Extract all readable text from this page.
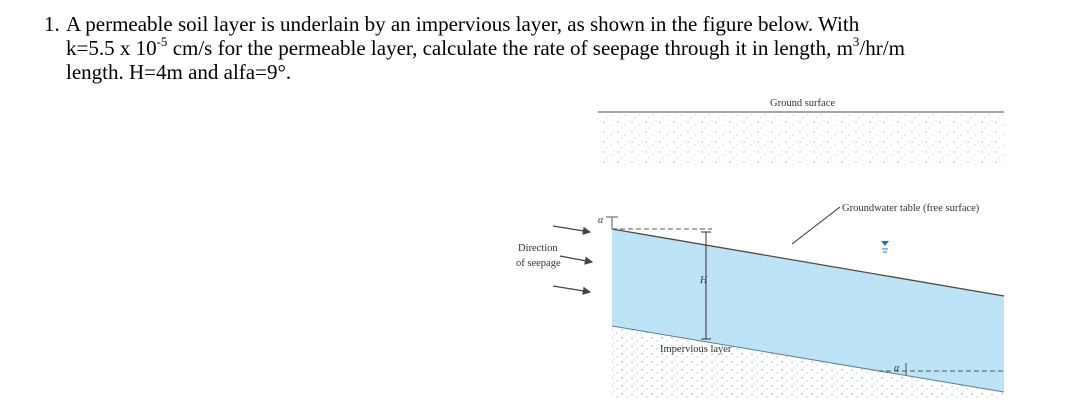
1. A permeable soil layer is underlain by an impervious layer, as shown in the figure below. With
k=5.5 x $10^{-5}$ cm/s for the permeable layer, calculate the rate of seepage through it in length, $m^3/hr/m$
length. H=4m and alfa=9°.
α
H
Groundwater table (free surface)
Ground surface
Impervious layer
Direction
of seepage
α
